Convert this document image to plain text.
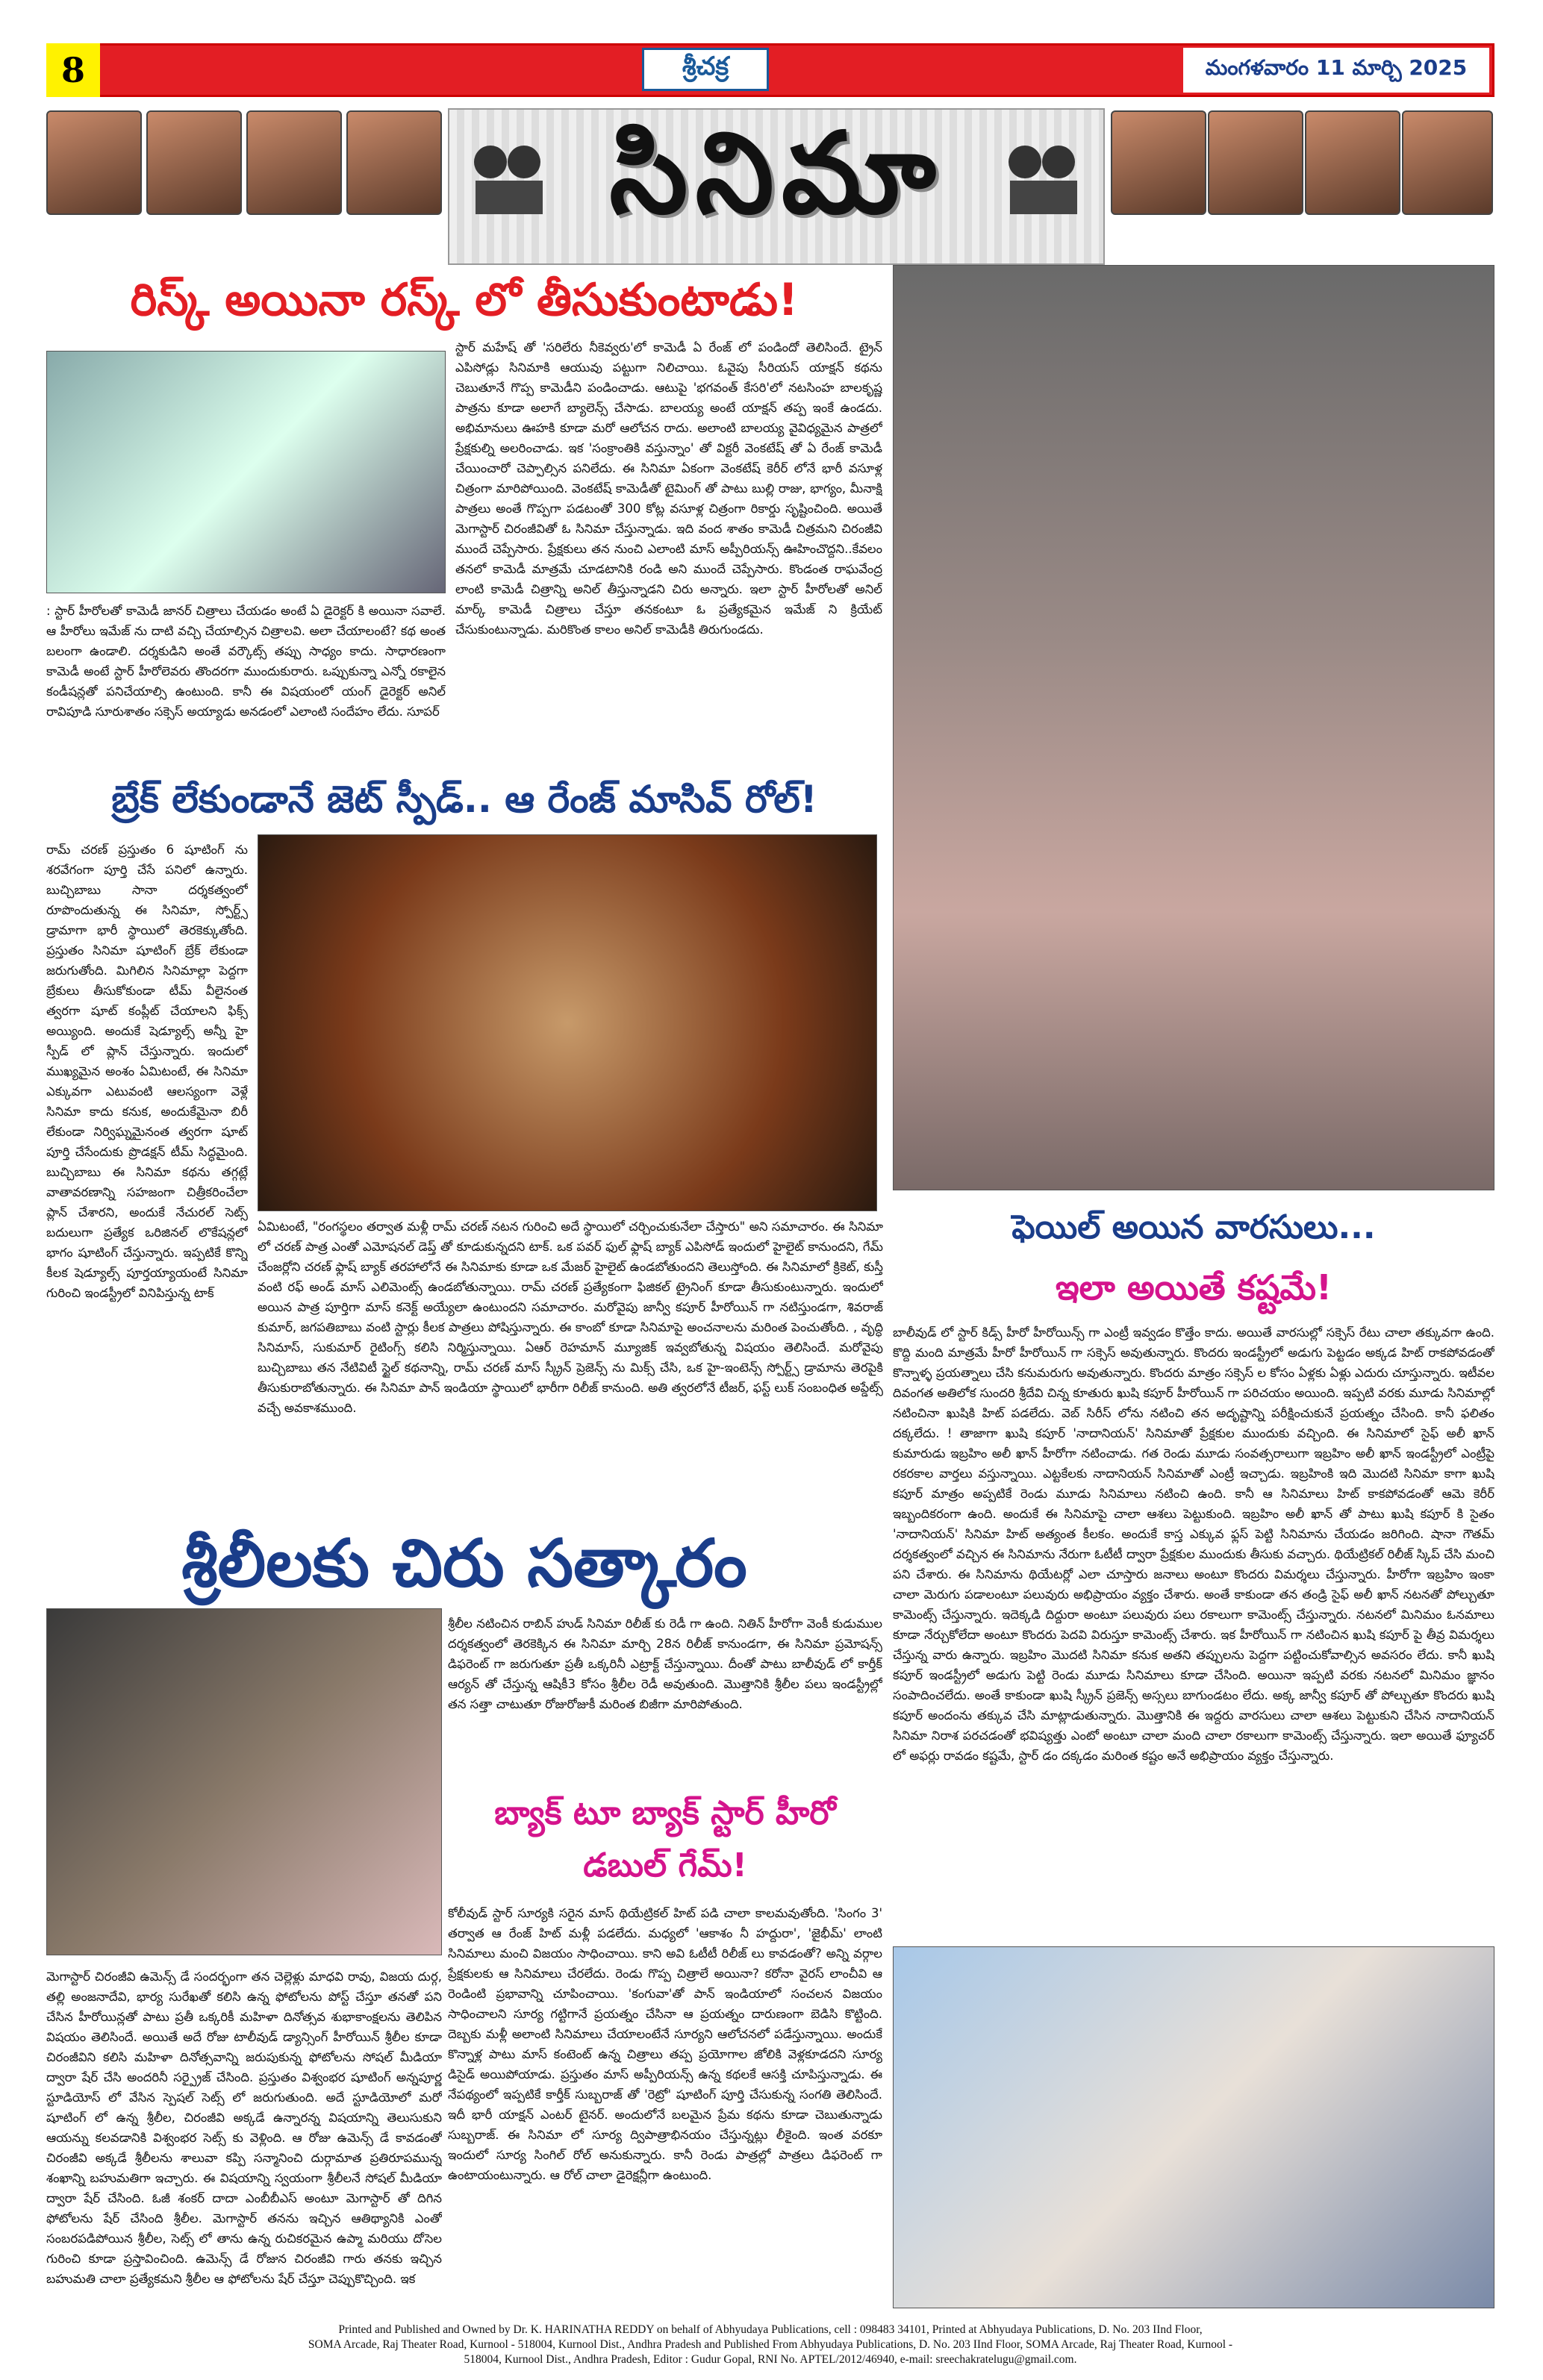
8	శ్రీచక్ర	మంగళవారం 11 మార్చి 2025
సినిమా
రిస్క్ అయినా రస్క్ లో తీసుకుంటాడు!
: స్టార్ హీరోలతో కామెడీ జానర్ చిత్రాలు చేయడం అంటే ఏ డైరెక్టర్ కి అయినా సవాలే. ఆ హీరోలు ఇమేజ్ ను దాటి వచ్చి చేయాల్సిన చిత్రాలవి. అలా చేయాలంటే? కథ అంత బలంగా ఉండాలి. దర్శకుడిని అంతే వర్కౌట్స్ తప్పు సాధ్యం కాదు. సాధారణంగా కామెడీ అంటే స్టార్ హీరోలెవరు తొందరగా ముందుకురారు. ఒప్పుకున్నా ఎన్నో రకాలైన కండీషన్లతో పనిచేయాల్సి ఉంటుంది. కానీ ఈ విషయంలో యంగ్ డైరెక్టర్ అనిల్ రావిపూడి సూరుశాతం సక్సెస్ అయ్యాడు అనడంలో ఎలాంటి సందేహం లేదు. సూపర్
స్టార్ మహేష్ తో 'సరిలేరు నీకెవ్వరు'లో కామెడీ ఏ రేంజ్ లో పండిందో తెలిసిందే. ట్రైన్ ఎపిసోడ్లు సినిమాకి ఆయువు పట్టుగా నిలిచాయి. ఓవైపు సీరియస్ యాక్షన్ కథను చెబుతూనే గొప్ప కామెడీని పండించాడు. ఆటుపై 'భగవంత్ కేసరి'లో నటసింహ బాలకృష్ణ పాత్రను కూడా అలాగే బ్యాలెన్స్ చేసాడు. బాలయ్య అంటే యాక్షన్ తప్ప ఇంకే ఉండదు. అభిమానులు ఊహకి కూడా మరో ఆలోచన రాదు. అలాంటి బాలయ్య వైవిధ్యమైన పాత్రలో ప్రేక్షకుల్ని అలరించాడు. ఇక 'సంక్రాంతికి వస్తున్నాం' తో విక్టరీ వెంకటేష్ తో ఏ రేంజ్ కామెడీ చేయించారో చెప్పాల్సిన పనిలేదు. ఈ సినిమా ఏకంగా వెంకటేష్ కెరీర్ లోనే భారీ వసూళ్ల చిత్రంగా మారిపోయింది. వెంకటేష్ కామెడీతో టైమింగ్ తో పాటు బుల్లి రాజు, భాగ్యం, మీనాక్షి పాత్రలు అంతే గొప్పగా పడటంతో 300 కోట్ల వసూళ్ల చిత్రంగా రికార్డు సృష్టించింది. అయితే మెగాస్టార్ చిరంజీవితో ఓ సినిమా చేస్తున్నాడు. ఇది వంద శాతం కామెడీ చిత్రమని చిరంజీవి ముందే చెప్పేసారు. ప్రేక్షకులు తన నుంచి ఎలాంటి మాస్ అప్పీరియన్స్ ఊహించొద్దని..కేవలం తనలో కామెడీ మాత్రమే చూడటానికి రండి అని ముందే చెప్పేసారు. కొండంత రాఘవేంద్ర లాంటి కామెడీ చిత్రాన్ని అనిల్ తీస్తున్నాడని చిరు అన్నారు. ఇలా స్టార్ హీరోలతో అనిల్ మార్క్ కామెడీ చిత్రాలు చేస్తూ తనకంటూ ఓ ప్రత్యేకమైన ఇమేజ్ ని క్రియేట్ చేసుకుంటున్నాడు. మరికొంత కాలం అనిల్ కామెడీకి తిరుగుండదు.
బ్రేక్ లేకుండానే జెట్ స్పీడ్.. ఆ రేంజ్ మాసివ్ రోల్!
రామ్ చరణ్ ప్రస్తుతం 6 షూటింగ్ ను శరవేగంగా పూర్తి చేసే పనిలో ఉన్నారు. బుచ్చిబాబు సానా దర్శకత్వంలో రూపొందుతున్న ఈ సినిమా, స్పోర్ట్స్ డ్రామాగా భారీ స్థాయిలో తెరకెక్కుతోంది. ప్రస్తుతం సినిమా షూటింగ్ బ్రేక్ లేకుండా జరుగుతోంది. మిగిలిన సినిమాల్లా పెద్దగా బ్రేకులు తీసుకోకుండా టీమ్ వీలైనంత త్వరగా షూట్ కంప్లీట్ చేయాలని ఫిక్స్ అయ్యింది. అందుకే షెడ్యూల్స్ అన్నీ హై స్పీడ్ లో ప్లాన్ చేస్తున్నారు. ఇందులో ముఖ్యమైన అంశం ఏమిటంటే, ఈ సినిమా ఎక్కువగా ఎటువంటి ఆలస్యంగా వెళ్లే సినిమా కాదు కనుక, అందుకేమైనా బిరీ లేకుండా నిర్విఘ్నమైనంత త్వరగా షూట్ పూర్తి చేసేందుకు ప్రొడక్షన్ టీమ్ సిద్ధమైంది. బుచ్చిబాబు ఈ సినిమా కథను తగ్గట్లే వాతావరణాన్ని సహజంగా చిత్రీకరించేలా ప్లాన్ చేశారని, అందుకే నేచురల్ సెట్స్ బదులుగా ప్రత్యేక ఒరిజినల్ లొకేషన్లలో భాగం షూటింగ్ చేస్తున్నారు. ఇప్పటికే కొన్ని కీలక షెడ్యూల్స్ పూర్తయ్యాయంటే సినిమా గురించి ఇండస్ట్రీలో వినిపిస్తున్న టాక్
ఏమిటంటే, "రంగస్థలం తర్వాత మళ్లీ రామ్ చరణ్ నటన గురించి అదే స్థాయిలో చర్చించుకునేలా చేస్తారు" అని సమాచారం. ఈ సినిమా లో చరణ్ పాత్ర ఎంతో ఎమోషనల్ డెప్త్ తో కూడుకున్నదని టాక్. ఒక పవర్ ఫుల్ ఫ్లాష్ బ్యాక్ ఎపిసోడ్ ఇందులో హైలైట్ కానుందని, గేమ్ చేంజర్లోని చరణ్ ఫ్లాష్ బ్యాక్ తరహాలోనే ఈ సినిమాకు కూడా ఒక మేజర్ హైలైట్ ఉండబోతుందని తెలుస్తోంది. ఈ సినిమాలో క్రికెట్, కుస్తీ వంటి రఫ్ అండ్ మాస్ ఎలిమెంట్స్ ఉండబోతున్నాయి. రామ్ చరణ్ ప్రత్యేకంగా ఫిజికల్ ట్రైనింగ్ కూడా తీసుకుంటున్నారు. ఇందులో అయిన పాత్ర పూర్తిగా మాస్ కనెక్ట్ అయ్యేలా ఉంటుందని సమాచారం. మరోవైపు జాన్వీ కపూర్ హీరోయిన్ గా నటిస్తుండగా, శివరాజ్ కుమార్, జగపతిబాబు వంటి స్టార్లు కీలక పాత్రలు పోషిస్తున్నారు. ఈ కాంబో కూడా సినిమాపై అంచనాలను మరింత పెంచుతోంది. , వృద్ధి సినిమాస్, సుకుమార్ రైటింగ్స్ కలిసి నిర్మిస్తున్నాయి. ఏఆర్ రెహమాన్ మ్యూజిక్ ఇవ్వబోతున్న విషయం తెలిసిందే. మరోవైపు బుచ్చిబాబు తన నేటివిటీ స్టైల్ కథనాన్ని, రామ్ చరణ్ మాస్ స్క్రీన్ ప్రెజెన్స్ ను మిక్స్ చేసి, ఒక హై-ఇంటెన్స్ స్పోర్ట్స్ డ్రామాను తెరపైకి తీసుకురాబోతున్నారు. ఈ సినిమా పాన్ ఇండియా స్థాయిలో భారీగా రిలీజ్ కానుంది. అతి త్వరలోనే టీజర్, ఫస్ట్ లుక్ సంబంధిత అప్డేట్స్ వచ్చే అవకాశముంది.
శ్రీలీలకు చిరు సత్కారం
మెగాస్టార్ చిరంజీవి ఉమెన్స్ డే సందర్భంగా తన చెల్లెళ్లు మాధవి రావు, విజయ దుర్గ, తల్లి అంజనాదేవి, భార్య సురేఖతో కలిసి ఉన్న ఫోటోలను పోస్ట్ చేస్తూ తనతో పని చేసిన హీరోయిన్లతో పాటు ప్రతీ ఒక్కరికీ మహిళా దినోత్సవ శుభాకాంక్షలను తెలిపిన విషయం తెలిసిందే. అయితే అదే రోజు టాలీవుడ్ డ్యాన్సింగ్ హీరోయిన్ శ్రీలీల కూడా చిరంజీవిని కలిసి మహిళా దినోత్సవాన్ని జరుపుకున్న ఫోటోలను సోషల్ మీడియా ద్వారా షేర్ చేసి అందరినీ సర్ప్రైజ్ చేసింది. ప్రస్తుతం విశ్వంభర షూటింగ్ అన్నపూర్ణ స్టూడియోస్ లో వేసిన స్పెషల్ సెట్స్ లో జరుగుతుంది. అదే స్టూడియోలో మరో షూటింగ్ లో ఉన్న శ్రీలీల, చిరంజీవి అక్కడే ఉన్నారన్న విషయాన్ని తెలుసుకుని ఆయన్ను కలవడానికి విశ్వంభర సెట్స్ కు వెళ్లింది. ఆ రోజు ఉమెన్స్ డే కావడంతో చిరంజీవి అక్కడే శ్రీలీలను శాలువా కప్పి సన్మానించి దుర్గామాత ప్రతిరూపమున్న శంఖాన్ని బహుమతిగా ఇచ్చారు. ఈ విషయాన్ని స్వయంగా శ్రీలీలనే సోషల్ మీడియా ద్వారా షేర్ చేసింది. ఓజీ శంకర్ దాదా ఎంబీబీఎస్ అంటూ మెగాస్టార్ తో దిగిన ఫోటోలను షేర్ చేసింది శ్రీలీల. మెగాస్టార్ తనను ఇచ్చిన ఆతిథ్యానికి ఎంతో సంబరపడిపోయిన శ్రీలీల, సెట్స్ లో తాను ఉన్న రుచికరమైన ఉప్మా మరియు దోసెల గురించి కూడా ప్రస్తావించింది. ఉమెన్స్ డే రోజున చిరంజీవి గారు తనకు ఇచ్చిన బహుమతి చాలా ప్రత్యేకమని శ్రీలీల ఆ ఫోటోలను షేర్ చేస్తూ చెప్పుకొచ్చింది. ఇక
శ్రీలీల నటించిన రాబిన్ హుడ్ సినిమా రిలీజ్ కు రెడీ గా ఉంది. నితిన్ హీరోగా వెంకీ కుడుముల దర్శకత్వంలో తెరకెక్కిన ఈ సినిమా మార్చి 28న రిలీజ్ కానుండగా, ఈ సినిమా ప్రమోషన్స్ డిఫరెంట్ గా జరుగుతూ ప్రతీ ఒక్కరినీ ఎట్రాక్ట్ చేస్తున్నాయి. దీంతో పాటు బాలీవుడ్ లో కార్తీక్ ఆర్యన్ తో చేస్తున్న ఆషికీ3 కోసం శ్రీలీల రెడీ అవుతుంది. మొత్తానికి శ్రీలీల పలు ఇండస్ట్రీల్లో తన సత్తా చాటుతూ రోజురోజుకీ మరింత బిజీగా మారిపోతుంది.
బ్యాక్ టూ బ్యాక్ స్టార్ హీరో డబుల్ గేమ్!
కోలీవుడ్ స్టార్ సూర్యకి సరైన మాస్ థియేట్రికల్ హిట్ పడి చాలా కాలమవుతోంది. 'సింగం 3' తర్వాత ఆ రేంజ్ హిట్ మళ్లీ పడలేదు. మధ్యలో 'ఆకాశం నీ హద్దురా', 'జైభీమ్' లాంటి సినిమాలు మంచి విజయం సాధించాయి. కాని అవి ఓటీటీ రిలీజ్ లు కావడంతో? అన్ని వర్గాల ప్రేక్షకులకు ఆ సినిమాలు చేరలేదు. రెండు గొప్ప చిత్రాలే అయినా? కరోనా వైరస్ లాంచీవి ఆ రెండింటి ప్రభావాన్ని చూపించాయి. 'కంగువా'తో పాన్ ఇండియాలో సంచలన విజయం సాధించాలని సూర్య గట్టిగానే ప్రయత్నం చేసినా ఆ ప్రయత్నం దారుణంగా బెడిసి కొట్టింది. దెబ్బకు మళ్లీ అలాంటి సినిమాలు చేయాలంటేనే సూర్యని ఆలోచనలో పడేస్తున్నాయి. అందుకే కొన్నాళ్ల పాటు మాస్ కంటెంట్ ఉన్న చిత్రాలు తప్ప ప్రయోగాల జోలికి వెళ్లకూడదని సూర్య డిసైడ్ అయిపోయాడు. ప్రస్తుతం మాస్ అప్పీరియన్స్ ఉన్న కథలకే ఆసక్తి చూపిస్తున్నాడు. ఈ నేపథ్యంలో ఇప్పటికే కార్తీక్ సుబ్బరాజ్ తో 'రెట్రో' షూటింగ్ పూర్తి చేసుకున్న సంగతి తెలిసిందే. ఇదీ భారీ యాక్షన్ ఎంటర్ టైనర్. అందులోనే బలమైన ప్రేమ కథను కూడా చెబుతున్నాడు సుబ్బరాజ్. ఈ సినిమా లో సూర్య ద్విపాత్రాభినయం చేస్తున్నట్లు లీకైంది. ఇంత వరకూ ఇందులో సూర్య సింగిల్ రోల్ అనుకున్నారు. కానీ రెండు పాత్రల్లో పాత్రలు డిఫరెంట్ గా ఉంటాయంటున్నారు. ఆ రోల్ చాలా డైరెక్షన్లీగా ఉంటుంది.
ఫెయిల్ అయిన వారసులు...
ఇలా అయితే కష్టమే!
బాలీవుడ్ లో స్టార్ కిడ్స్ హీరో హీరోయిన్స్ గా ఎంట్రీ ఇవ్వడం కొత్తేం కాదు. అయితే వారసుల్లో సక్సెస్ రేటు చాలా తక్కువగా ఉంది. కొద్ది మంది మాత్రమే హీరో హీరోయిన్ గా సక్సెస్ అవుతున్నారు. కొందరు ఇండస్ట్రీలో అడుగు పెట్టడం అక్కడ హిట్ రాకపోవడంతో కొన్నాళ్ళ ప్రయత్నాలు చేసి కనుమరుగు అవుతున్నారు. కొందరు మాత్రం సక్సెస్ ల కోసం ఏళ్లకు ఏళ్లు ఎదురు చూస్తున్నారు. ఇటీవల దివంగత అతిలోక సుందరి శ్రీదేవి చిన్న కూతురు ఖుషి కపూర్ హీరోయిన్ గా పరిచయం అయింది. ఇప్పటి వరకు మూడు సినిమాల్లో నటించినా ఖుషికి హిట్ పడలేదు. వెబ్ సిరీస్ లోను నటించి తన అదృష్టాన్ని పరీక్షించుకునే ప్రయత్నం చేసింది. కానీ ఫలితం దక్కలేదు. ! తాజాగా ఖుషి కపూర్ 'నాదానియన్' సినిమాతో ప్రేక్షకుల ముందుకు వచ్చింది. ఈ సినిమాలో సైఫ్ అలీ ఖాన్ కుమారుడు ఇబ్రహిం అలీ ఖాన్ హీరోగా నటించాడు. గత రెండు మూడు సంవత్సరాలుగా ఇబ్రహిం అలీ ఖాన్ ఇండస్ట్రీలో ఎంట్రీపై రకరకాల వార్తలు వస్తున్నాయి. ఎట్టకేలకు నాదానియన్ సినిమాతో ఎంట్రీ ఇచ్చాడు. ఇబ్రహింకి ఇది మొదటి సినిమా కాగా ఖుషి కపూర్ మాత్రం అప్పటికే రెండు మూడు సినిమాలు నటించి ఉంది. కానీ ఆ సినిమాలు హిట్ కాకపోవడంతో ఆమె కెరీర్ ఇబ్బందికరంగా ఉంది. అందుకే ఈ సినిమాపై చాలా ఆశలు పెట్టుకుంది. ఇబ్రహిం అలీ ఖాన్ తో పాటు ఖుషి కపూర్ కి సైతం 'నాదానియన్' సినిమా హిట్ అత్యంత కీలకం. అందుకే కాస్త ఎక్కువ ఫ్లస్ పెట్టి సినిమాను చేయడం జరిగింది. షానా గౌతమ్ దర్శకత్వంలో వచ్చిన ఈ సినిమాను నేరుగా ఓటీటీ ద్వారా ప్రేక్షకుల ముందుకు తీసుకు వచ్చారు. థియేట్రికల్ రిలీజ్ స్కిప్ చేసి మంచి పని చేశారు. ఈ సినిమాను థియేటర్లో ఎలా చూస్తారు జనాలు అంటూ కొందరు విమర్శలు చేస్తున్నారు. హీరోగా ఇబ్రహిం ఇంకా చాలా మెరుగు పడాలంటూ పలువురు అభిప్రాయం వ్యక్తం చేశారు. అంతే కాకుండా తన తండ్రి సైఫ్ అలీ ఖాన్ నటనతో పోల్చుతూ కామెంట్స్ చేస్తున్నారు. ఇదెక్కడి దిద్దురా అంటూ పలువురు పలు రకాలుగా కామెంట్స్ చేస్తున్నారు. నటనలో మినిమం ఓనమాలు కూడా నేర్చుకోలేదా అంటూ కొందరు పెదవి విరుస్తూ కామెంట్స్ చేశారు. ఇక హీరోయిన్ గా నటించిన ఖుషి కపూర్ పై తీవ్ర విమర్శలు చేస్తున్న వారు ఉన్నారు. ఇబ్రహిం మొదటి సినిమా కనుక అతని తప్పులను పెద్దగా పట్టించుకోవాల్సిన అవసరం లేదు. కానీ ఖుషి కపూర్ ఇండస్ట్రీలో అడుగు పెట్టి రెండు మూడు సినిమాలు కూడా చేసింది. అయినా ఇప్పటి వరకు నటనలో మినిమం జ్ఞానం సంపాదించలేదు. అంతే కాకుండా ఖుషి స్క్రీన్ ప్రజెన్స్ అస్సలు బాగుండటం లేదు. అక్క జాన్వీ కపూర్ తో పోల్చుతూ కొందరు ఖుషి కపూర్ అందంను తక్కువ చేసి మాట్లాడుతున్నారు. మొత్తానికి ఈ ఇద్దరు వారసులు చాలా ఆశలు పెట్టుకుని చేసిన నాదానియన్ సినిమా నిరాశ పరచడంతో భవిష్యత్తు ఎంటో అంటూ చాలా మంది చాలా రకాలుగా కామెంట్స్ చేస్తున్నారు. ఇలా అయితే ఫ్యూచర్ లో అఫర్లు రావడం కష్టమే, స్టార్ డం దక్కడం మరింత కష్టం అనే అభిప్రాయం వ్యక్తం చేస్తున్నారు.
Printed and Published and Owned by Dr. K. HARINATHA REDDY on behalf of Abhyudaya Publications, cell : 098483 34101, Printed at Abhyudaya Publications, D. No. 203 IInd Floor,
SOMA Arcade, Raj Theater Road, Kurnool - 518004, Kurnool Dist., Andhra Pradesh and Published From Abhyudaya Publications, D. No. 203 IInd Floor, SOMA Arcade, Raj Theater Road, Kurnool -
518004, Kurnool Dist., Andhra Pradesh, Editor : Gudur Gopal, RNI No. APTEL/2012/46940, e-mail: sreechakratelugu@gmail.com.
